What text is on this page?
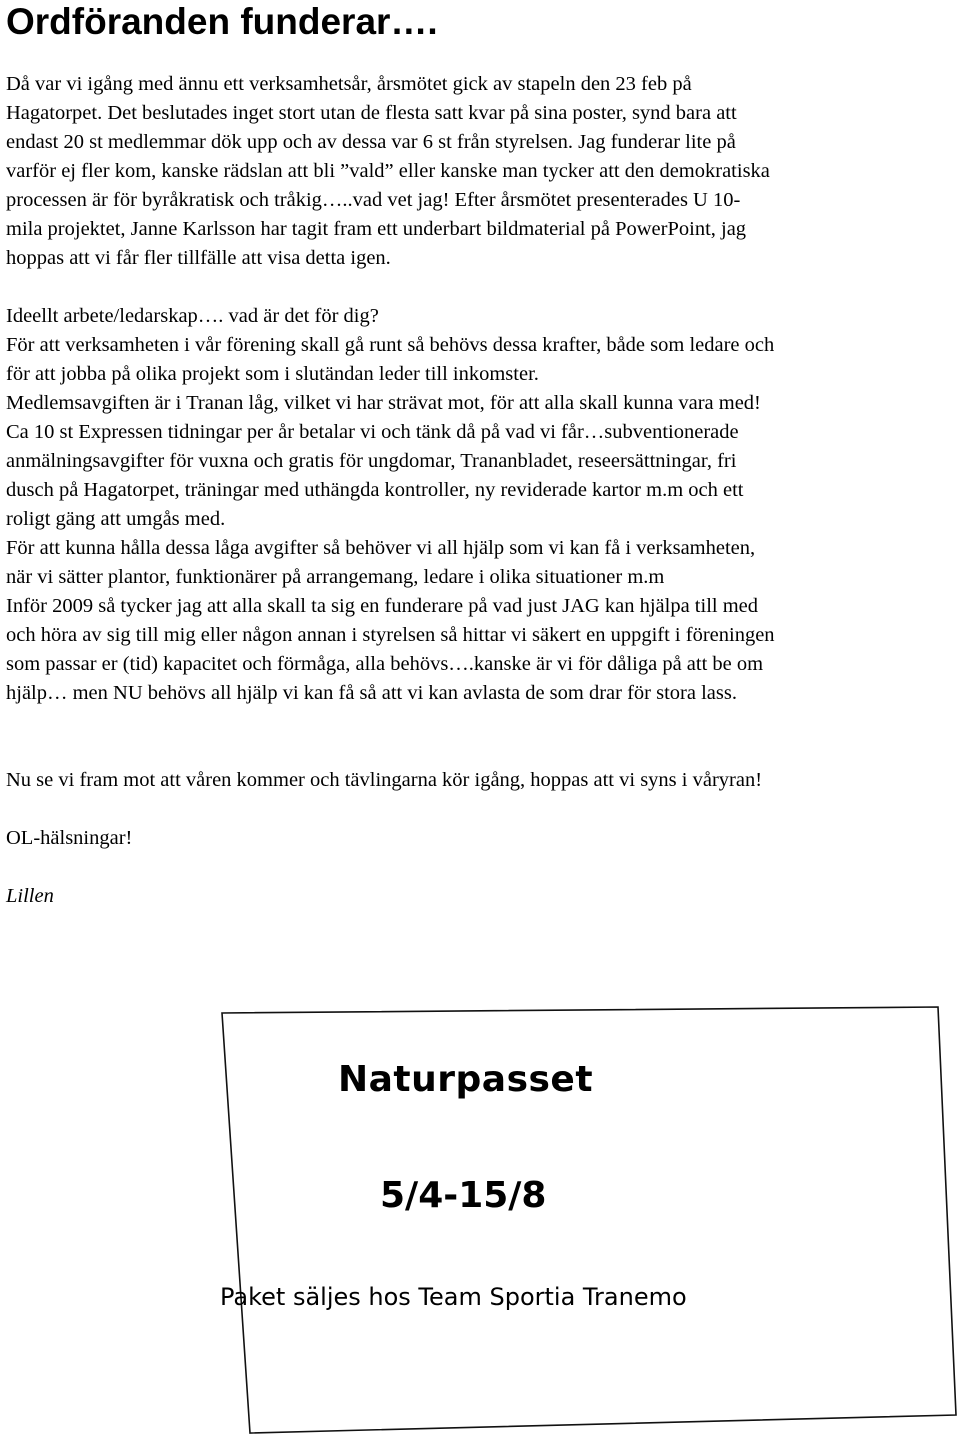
Ordföranden funderar….

Då var vi igång med ännu ett verksamhetsår, årsmötet gick av stapeln den 23 feb på

Hagatorpet. Det beslutades inget stort utan de flesta satt kvar på sina poster, synd bara att

endast 20 st medlemmar dök upp och av dessa var 6 st från styrelsen. Jag funderar lite på

varför ej fler kom, kanske rädslan att bli ”vald” eller kanske man tycker att den demokratiska

processen är för byråkratisk och tråkig…..vad vet jag! Efter årsmötet presenterades U 10-

mila projektet, Janne Karlsson har tagit fram ett underbart bildmaterial på PowerPoint, jag

hoppas att vi får fler tillfälle att visa detta igen.

Ideellt arbete/ledarskap…. vad är det för dig?

För att verksamheten i vår förening skall gå runt så behövs dessa krafter, både som ledare och

för att jobba på olika projekt som i slutändan leder till inkomster.

Medlemsavgiften är i Tranan låg, vilket vi har strävat mot, för att alla skall kunna vara med!

Ca 10 st Expressen tidningar per år betalar vi och tänk då på vad vi får…subventionerade

anmälningsavgifter för vuxna och gratis för ungdomar, Trananbladet, reseersättningar, fri

dusch på Hagatorpet, träningar med uthängda kontroller, ny reviderade kartor m.m och ett

roligt gäng att umgås med.

För att kunna hålla dessa låga avgifter så behöver vi all hjälp som vi kan få i verksamheten,

när vi sätter plantor, funktionärer på arrangemang, ledare i olika situationer m.m

Inför 2009 så tycker jag att alla skall ta sig en funderare på vad just JAG kan hjälpa till med

och höra av sig till mig eller någon annan i styrelsen så hittar vi säkert en uppgift i föreningen

som passar er (tid) kapacitet och förmåga, alla behövs….kanske är vi för dåliga på att be om

hjälp… men NU behövs all hjälp vi kan få så att vi kan avlasta de som drar för stora lass.

Nu se vi fram mot att våren kommer och tävlingarna kör igång, hoppas att vi syns i våryran!

OL-hälsningar!

Lillen

Naturpasset
5/4-15/8
Paket säljes hos Team Sportia Tranemo
